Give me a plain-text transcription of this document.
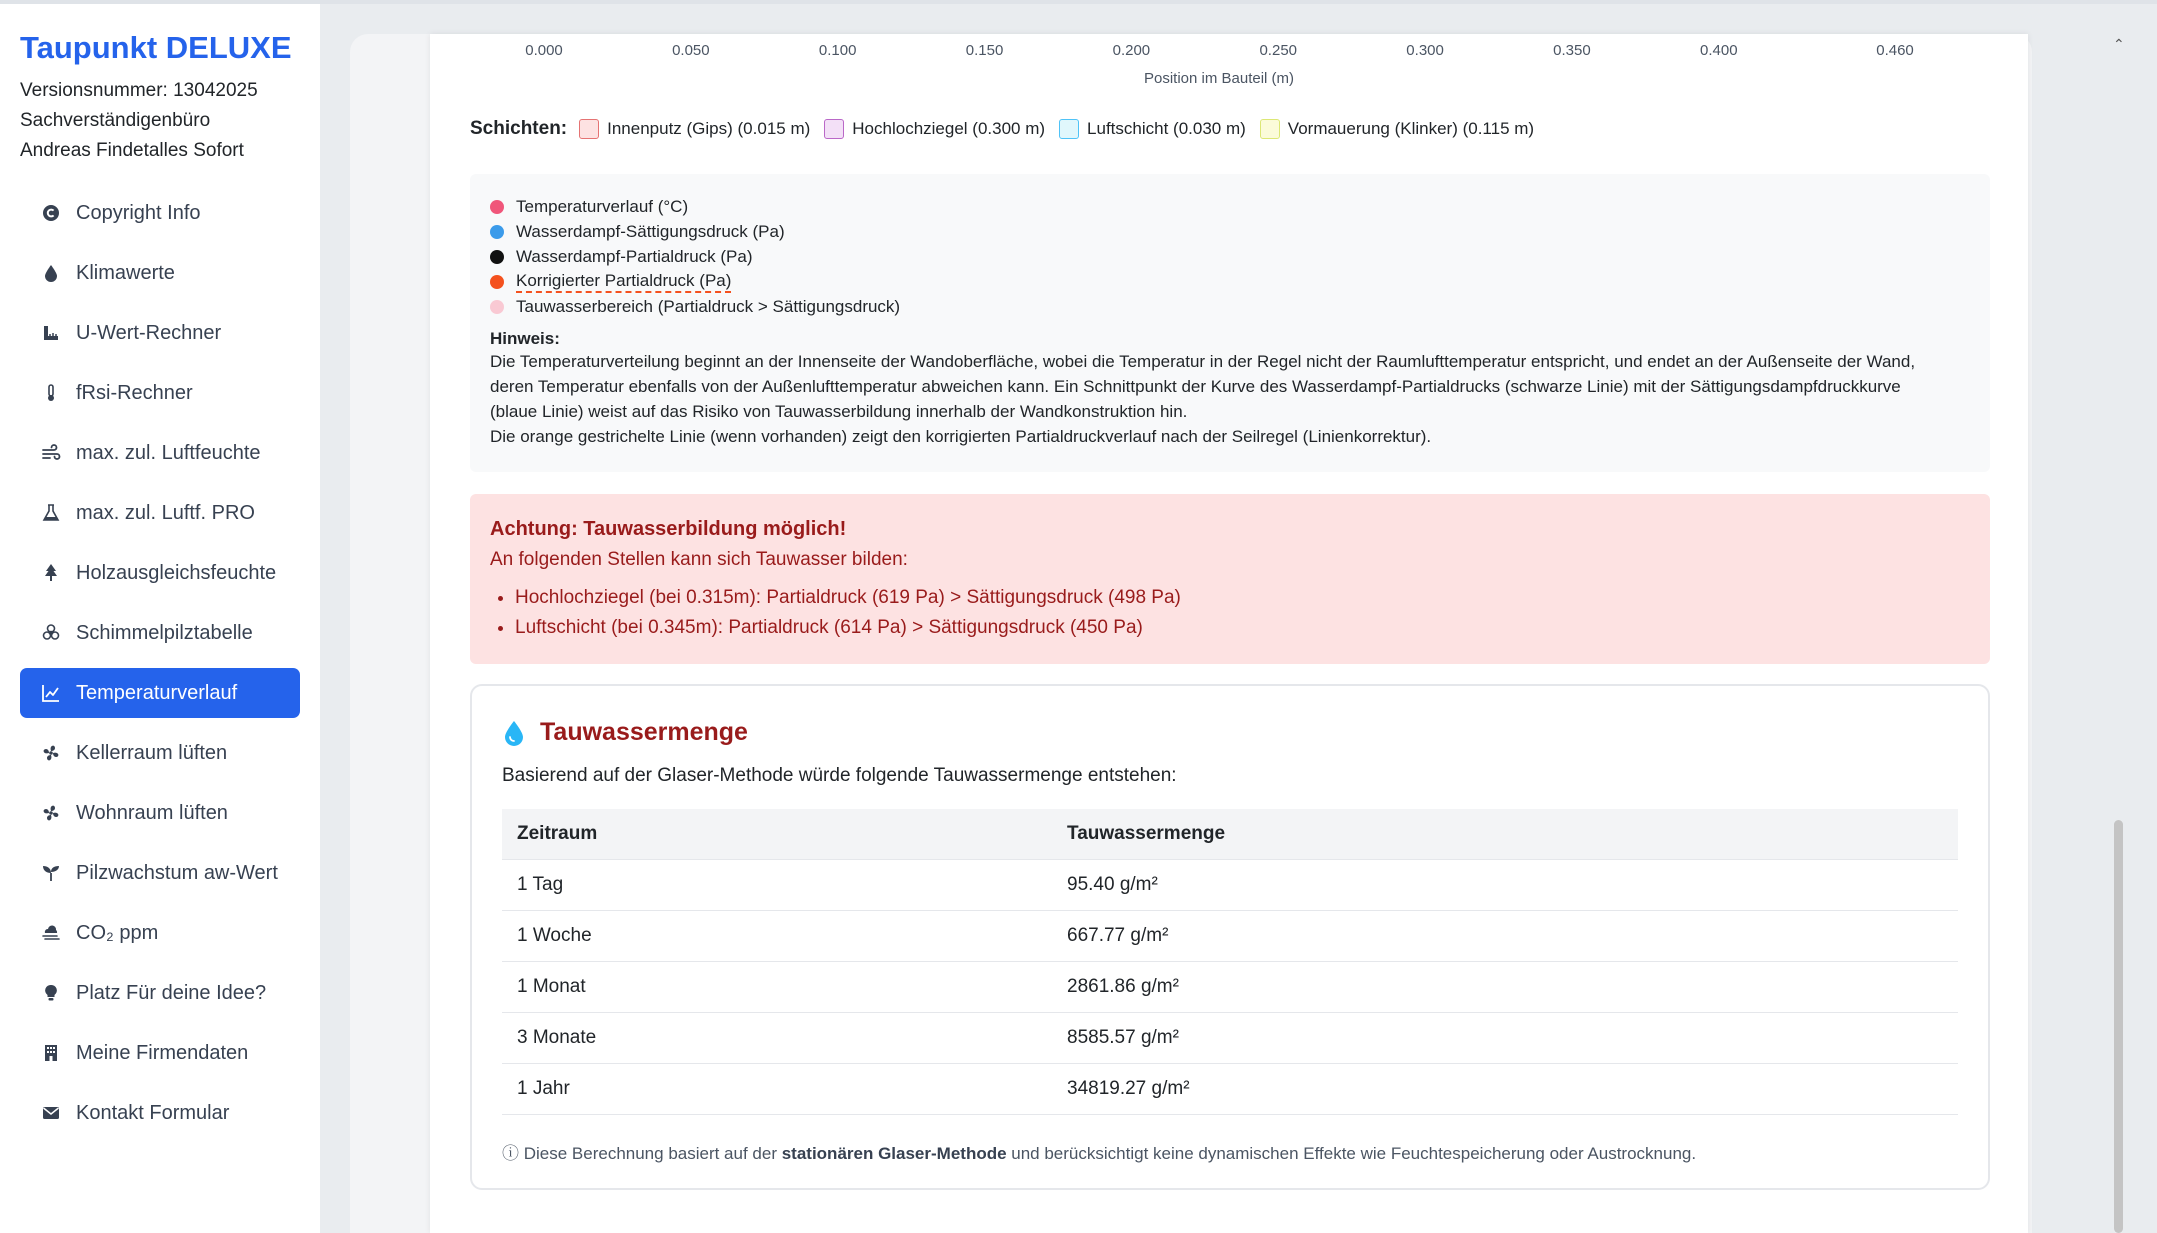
Taupunkt DELUXE
Versionsnummer: 13042025
Sachverständigenbüro
Andreas Findetalles Sofort
Copyright Info
Klimawerte
U-Wert-Rechner
fRsi-Rechner
max. zul. Luftfeuchte
max. zul. Luftf. PRO
Holzausgleichsfeuchte
Schimmelpilztabelle
Temperaturverlauf
Kellerraum lüften
Wohnraum lüften
Pilzwachstum aw-Wert
CO₂ ppm
Platz Für deine Idee?
Meine Firmendaten
Kontakt Formular
⌃
0.000	0.050	0.100	0.150	0.200	0.250	0.300	0.350	0.400	0.460
Position im Bauteil (m)
Schichten: Innenputz (Gips) (0.015 m) Hochlochziegel (0.300 m) Luftschicht (0.030 m) Vormauerung (Klinker) (0.115 m)
Temperaturverlauf (°C)
Wasserdampf-Sättigungsdruck (Pa)
Wasserdampf-Partialdruck (Pa)
Korrigierter Partialdruck (Pa)
Tauwasserbereich (Partialdruck > Sättigungsdruck)
Hinweis:
Die Temperaturverteilung beginnt an der Innenseite der Wandoberfläche, wobei die Temperatur in der Regel nicht der Raumlufttemperatur entspricht, und endet an der Außenseite der Wand,
deren Temperatur ebenfalls von der Außenlufttemperatur abweichen kann. Ein Schnittpunkt der Kurve des Wasserdampf-Partialdrucks (schwarze Linie) mit der Sättigungsdampfdruckkurve
(blaue Linie) weist auf das Risiko von Tauwasserbildung innerhalb der Wandkonstruktion hin.
Die orange gestrichelte Linie (wenn vorhanden) zeigt den korrigierten Partialdruckverlauf nach der Seilregel (Linienkorrektur).
Achtung: Tauwasserbildung möglich!
An folgenden Stellen kann sich Tauwasser bilden:
• Hochlochziegel (bei 0.315m): Partialdruck (619 Pa) > Sättigungsdruck (498 Pa)
• Luftschicht (bei 0.345m): Partialdruck (614 Pa) > Sättigungsdruck (450 Pa)
Tauwassermenge
Basierend auf der Glaser-Methode würde folgende Tauwassermenge entstehen:
Zeitraum	Tauwassermenge
1 Tag	95.40 g/m²
1 Woche	667.77 g/m²
1 Monat	2861.86 g/m²
3 Monate	8585.57 g/m²
1 Jahr	34819.27 g/m²
ⓘ Diese Berechnung basiert auf der stationären Glaser-Methode und berücksichtigt keine dynamischen Effekte wie Feuchtespeicherung oder Austrocknung.
